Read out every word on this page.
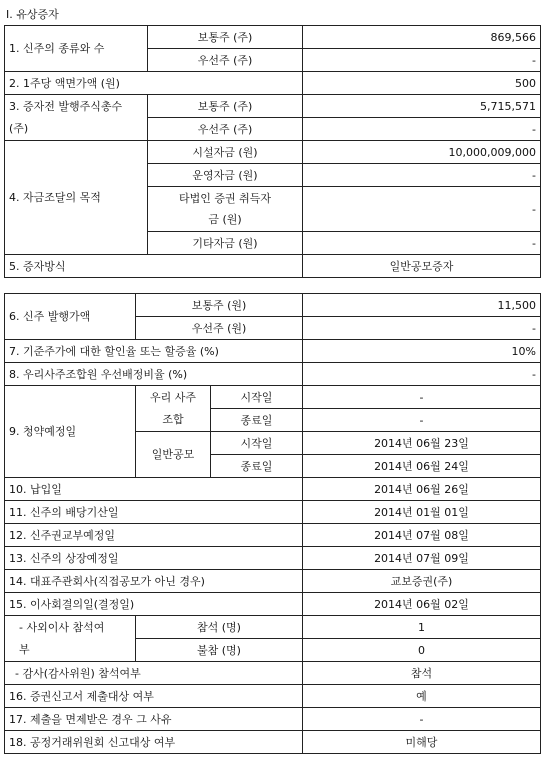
Ⅰ. 유상증자
1. 신주의 종류와 수	보통주 (주)	869,566
	우선주 (주)	-
2. 1주당 액면가액 (원)		500
3. 증자전 발행주식총수 (주)	보통주 (주)	5,715,571
	우선주 (주)	-
4. 자금조달의 목적	시설자금 (원)	10,000,009,000
	운영자금 (원)	-
	타법인 증권 취득자금 (원)	-
	기타자금 (원)	-
5. 증자방식		일반공모증자
6. 신주 발행가액	보통주 (원)		11,500
	우선주 (원)		-
7. 기준주가에 대한 할인율 또는 할증율 (%)			10%
8. 우리사주조합원 우선배정비율 (%)			-
9. 청약예정일	우리 사주조합	시작일	-
		종료일	-
	일반공모	시작일	2014년 06월 23일
		종료일	2014년 06월 24일
10. 납입일			2014년 06월 26일
11. 신주의 배당기산일			2014년 01월 01일
12. 신주권교부예정일			2014년 07월 08일
13. 신주의 상장예정일			2014년 07월 09일
14. 대표주관회사(직접공모가 아닌 경우)			교보증권(주)
15. 이사회결의일(결정일)			2014년 06월 02일
- 사외이사 참석여부	참석 (명)		1
	불참 (명)		0
- 감사(감사위원) 참석여부			참석
16. 증권신고서 제출대상 여부			예
17. 제출을 면제받은 경우 그 사유			-
18. 공정거래위원회 신고대상 여부			미해당
